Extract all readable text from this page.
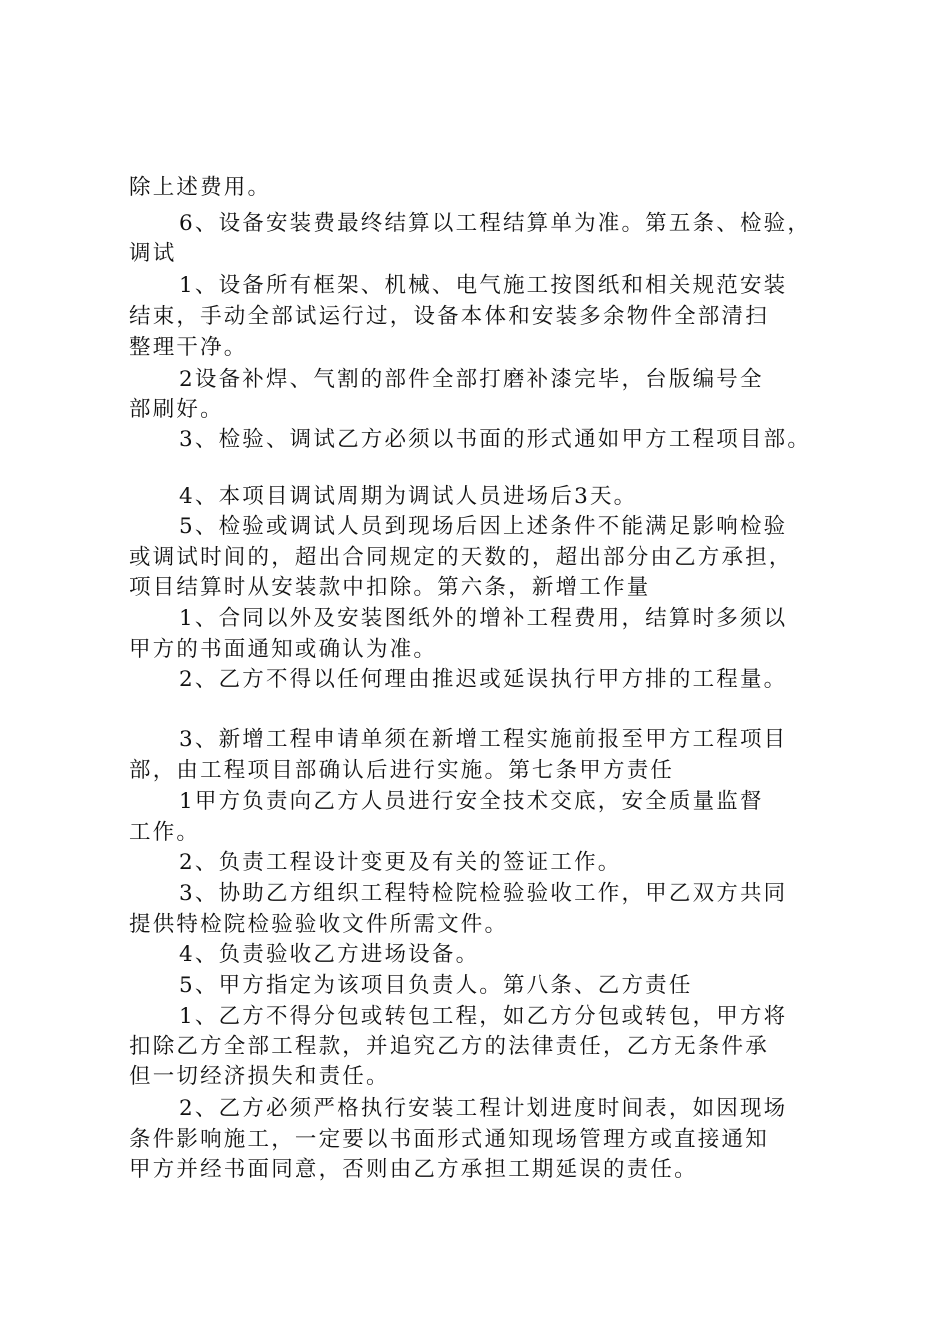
除上述费用。
6、设备安装费最终结算以工程结算单为准。第五条、检验，
调试
1、设备所有框架、机械、电气施工按图纸和相关规范安装
结束，手动全部试运行过，设备本体和安装多余物件全部清扫
整理干净。
2设备补焊、气割的部件全部打磨补漆完毕，台版编号全
部刷好。
3、检验、调试乙方必须以书面的形式通如甲方工程项目部。
4、本项目调试周期为调试人员进场后3天。
5、检验或调试人员到现场后因上述条件不能满足影响检验
或调试时间的，超出合同规定的天数的，超出部分由乙方承担，
项目结算时从安装款中扣除。第六条，新增工作量
1、合同以外及安装图纸外的增补工程费用，结算时多须以
甲方的书面通知或确认为准。
2、乙方不得以任何理由推迟或延误执行甲方排的工程量。
3、新增工程申请单须在新增工程实施前报至甲方工程项目
部，由工程项目部确认后进行实施。第七条甲方责任
1甲方负责向乙方人员进行安全技术交底，安全质量监督
工作。
2、负责工程设计变更及有关的签证工作。
3、协助乙方组织工程特检院检验验收工作，甲乙双方共同
提供特检院检验验收文件所需文件。
4、负责验收乙方进场设备。
5、甲方指定为该项目负责人。第八条、乙方责任
1、乙方不得分包或转包工程，如乙方分包或转包，甲方将
扣除乙方全部工程款，并追究乙方的法律责任，乙方无条件承
但一切经济损失和责任。
2、乙方必须严格执行安装工程计划进度时间表，如因现场
条件影响施工，一定要以书面形式通知现场管理方或直接通知
甲方并经书面同意，否则由乙方承担工期延误的责任。
